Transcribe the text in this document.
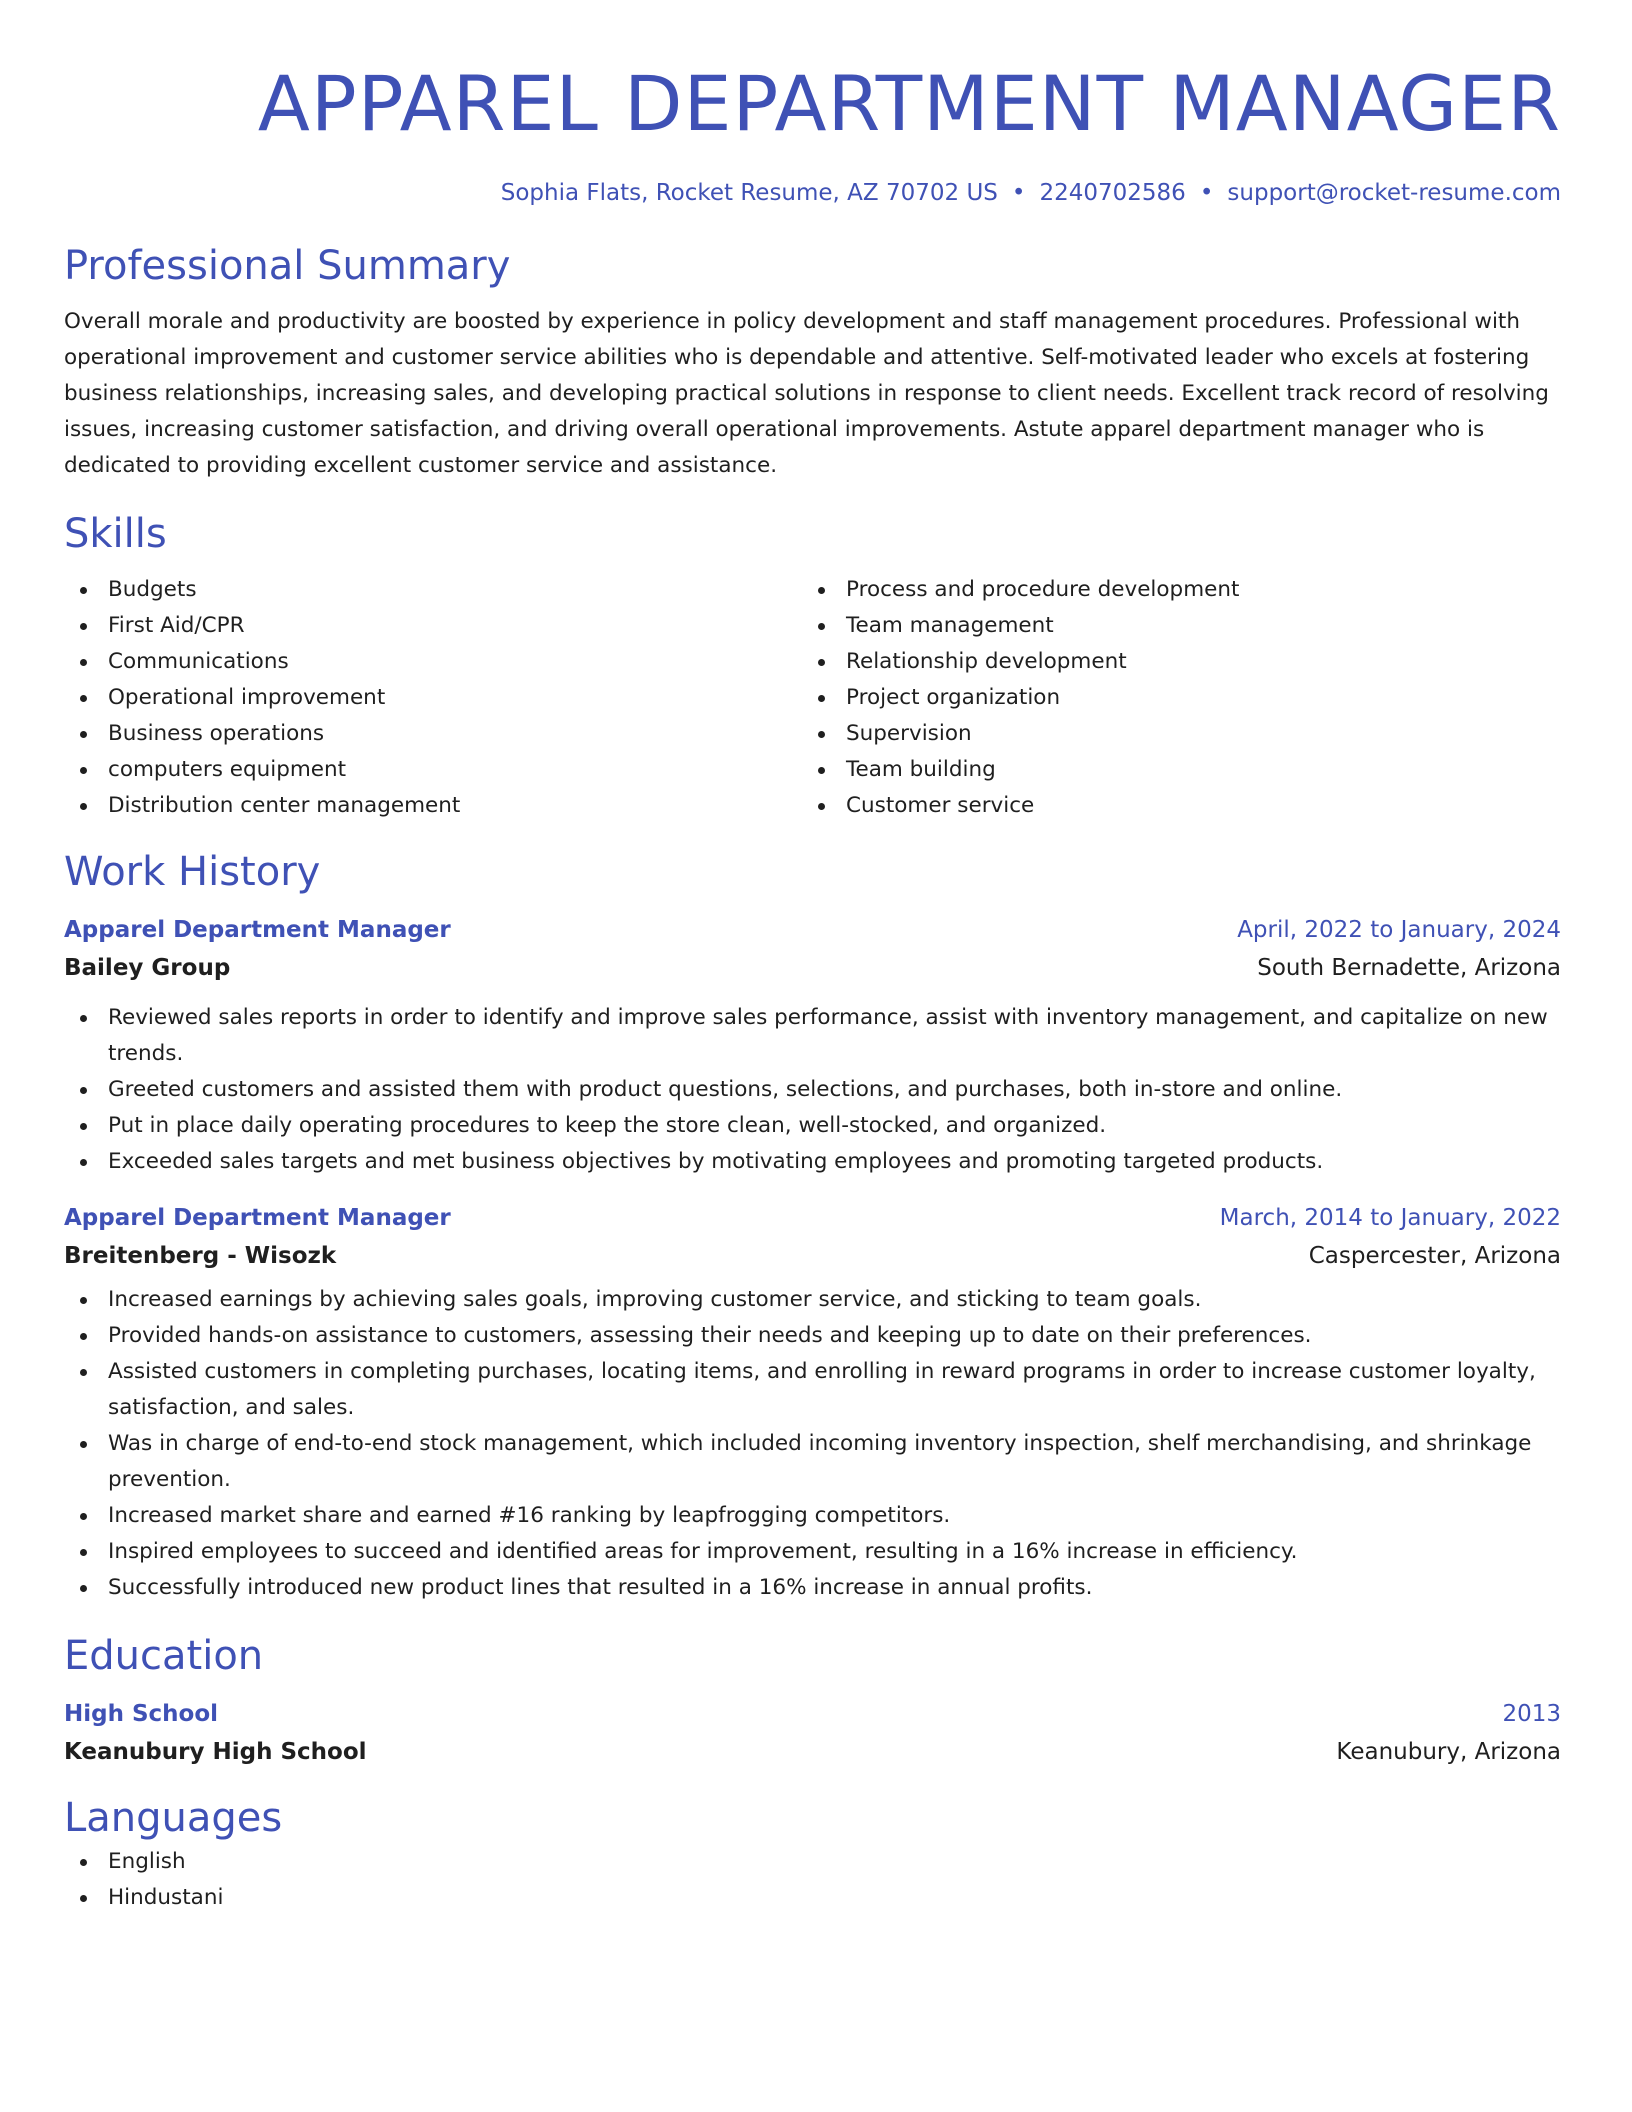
APPAREL DEPARTMENT MANAGER
Sophia Flats, Rocket Resume, AZ 70702 US • 2240702586 • support@rocket-resume.com
Professional Summary

Overall morale and productivity are boosted by experience in policy development and staff management procedures. Professional with operational improvement and customer service abilities who is dependable and attentive. Self-motivated leader who excels at fostering business relationships, increasing sales, and developing practical solutions in response to client needs. Excellent track record of resolving issues, increasing customer satisfaction, and driving overall operational improvements. Astute apparel department manager who is dedicated to providing excellent customer service and assistance.

Skills
Budgets
First Aid/CPR
Communications
Operational improvement
Business operations
computers equipment
Distribution center management
Process and procedure development
Team management
Relationship development
Project organization
Supervision
Team building
Customer service
Work History
Apparel Department Manager	April, 2022 to January, 2024
Bailey Group	South Bernadette, Arizona
Reviewed sales reports in order to identify and improve sales performance, assist with inventory management, and capitalize on new trends.
Greeted customers and assisted them with product questions, selections, and purchases, both in-store and online.
Put in place daily operating procedures to keep the store clean, well-stocked, and organized.
Exceeded sales targets and met business objectives by motivating employees and promoting targeted products.
Apparel Department Manager	March, 2014 to January, 2022
Breitenberg - Wisozk	Caspercester, Arizona
Increased earnings by achieving sales goals, improving customer service, and sticking to team goals.
Provided hands-on assistance to customers, assessing their needs and keeping up to date on their preferences.
Assisted customers in completing purchases, locating items, and enrolling in reward programs in order to increase customer loyalty, satisfaction, and sales.
Was in charge of end-to-end stock management, which included incoming inventory inspection, shelf merchandising, and shrinkage prevention.
Increased market share and earned #16 ranking by leapfrogging competitors.
Inspired employees to succeed and identified areas for improvement, resulting in a 16% increase in efficiency.
Successfully introduced new product lines that resulted in a 16% increase in annual profits.
Education
High School	2013
Keanubury High School	Keanubury, Arizona
Languages
English
Hindustani
